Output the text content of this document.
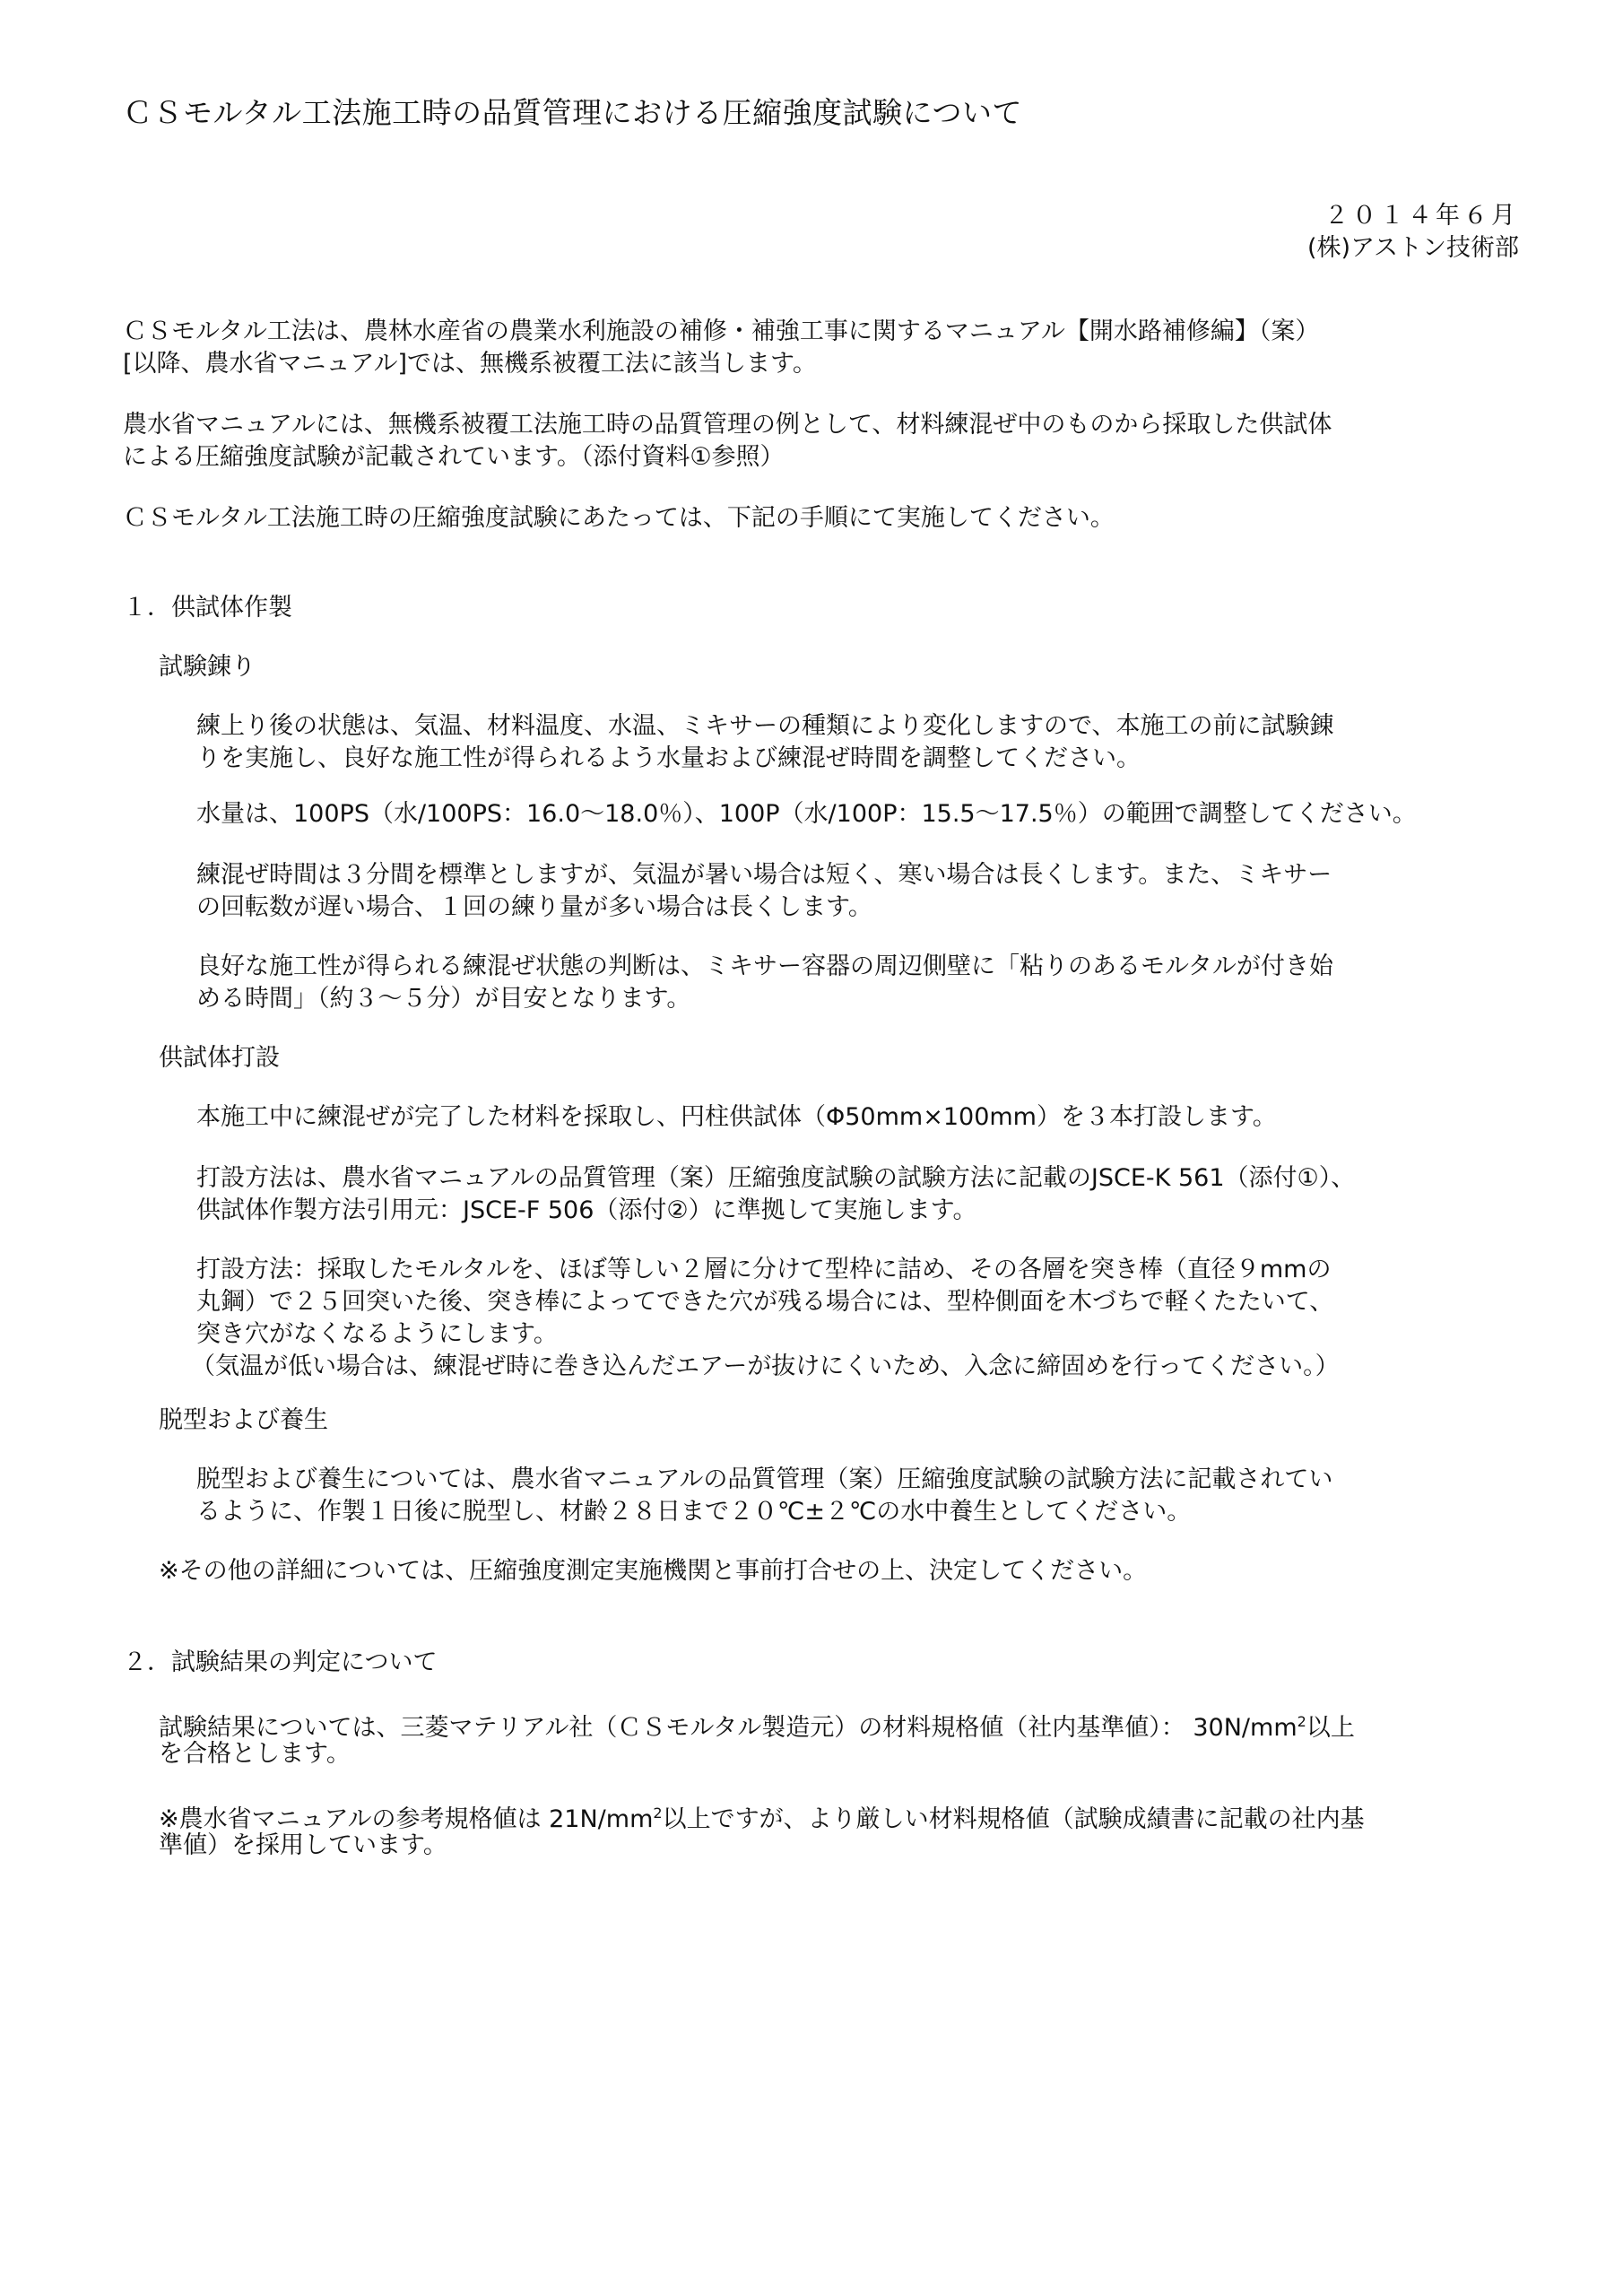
ＣＳモルタル工法施工時の品質管理における圧縮強度試験について
２０１４年６月
(株)アストン技術部
ＣＳモルタル工法は、農林水産省の農業水利施設の補修・補強工事に関するマニュアル【開水路補修編】（案）
[以降、農水省マニュアル]では、無機系被覆工法に該当します。
農水省マニュアルには、無機系被覆工法施工時の品質管理の例として、材料練混ぜ中のものから採取した供試体
による圧縮強度試験が記載されています。（添付資料①参照）
ＣＳモルタル工法施工時の圧縮強度試験にあたっては、下記の手順にて実施してください。
１．供試体作製
試験錬り
練上り後の状態は、気温、材料温度、水温、ミキサーの種類により変化しますので、本施工の前に試験錬
りを実施し、良好な施工性が得られるよう水量および練混ぜ時間を調整してください。
水量は、100PS（水/100PS：16.0～18.0％）、100P（水/100P：15.5～17.5％）の範囲で調整してください。
練混ぜ時間は３分間を標準としますが、気温が暑い場合は短く、寒い場合は長くします。また、ミキサー
の回転数が遅い場合、１回の練り量が多い場合は長くします。
良好な施工性が得られる練混ぜ状態の判断は、ミキサー容器の周辺側壁に「粘りのあるモルタルが付き始
める時間」（約３～５分）が目安となります。
供試体打設
本施工中に練混ぜが完了した材料を採取し、円柱供試体（Φ50mm×100mm）を３本打設します。
打設方法は、農水省マニュアルの品質管理（案）圧縮強度試験の試験方法に記載のJSCE-K 561（添付①）、
供試体作製方法引用元：JSCE-F 506（添付②）に準拠して実施します。
打設方法：採取したモルタルを、ほぼ等しい２層に分けて型枠に詰め、その各層を突き棒（直径９mmの
丸鋼）で２５回突いた後、突き棒によってできた穴が残る場合には、型枠側面を木づちで軽くたたいて、
突き穴がなくなるようにします。
（気温が低い場合は、練混ぜ時に巻き込んだエアーが抜けにくいため、入念に締固めを行ってください。）
脱型および養生
脱型および養生については、農水省マニュアルの品質管理（案）圧縮強度試験の試験方法に記載されてい
るように、作製１日後に脱型し、材齢２８日まで２０℃±２℃の水中養生としてください。
※その他の詳細については、圧縮強度測定実施機関と事前打合せの上、決定してください。
２．試験結果の判定について
試験結果については、三菱マテリアル社（ＣＳモルタル製造元）の材料規格値（社内基準値）： $30N/mm^2$以上
を合格とします。
※農水省マニュアルの参考規格値は $21N/mm^2$以上ですが、より厳しい材料規格値（試験成績書に記載の社内基
準値）を採用しています。
